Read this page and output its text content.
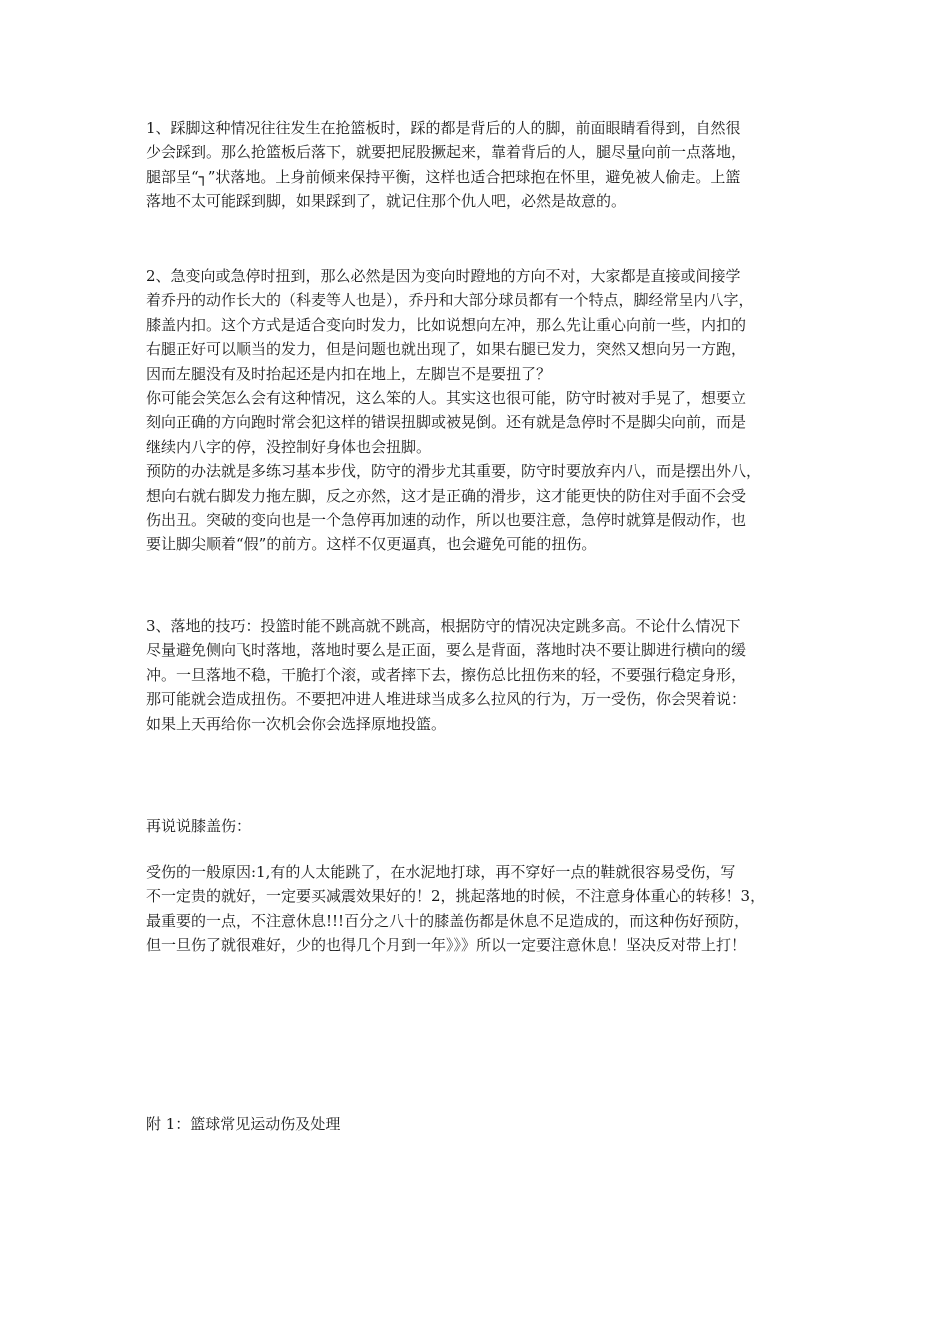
1、踩脚这种情况往往发生在抢篮板时，踩的都是背后的人的脚，前面眼睛看得到，自然很
少会踩到。那么抢篮板后落下，就要把屁股撅起来，靠着背后的人，腿尽量向前一点落地，
腿部呈“┐”状落地。上身前倾来保持平衡，这样也适合把球抱在怀里，避免被人偷走。上篮
落地不太可能踩到脚，如果踩到了，就记住那个仇人吧，必然是故意的。
2、急变向或急停时扭到，那么必然是因为变向时蹬地的方向不对，大家都是直接或间接学
着乔丹的动作长大的（科麦等人也是），乔丹和大部分球员都有一个特点，脚经常呈内八字，
膝盖内扣。这个方式是适合变向时发力，比如说想向左冲，那么先让重心向前一些，内扣的
右腿正好可以顺当的发力，但是问题也就出现了，如果右腿已发力，突然又想向另一方跑，
因而左腿没有及时抬起还是内扣在地上，左脚岂不是要扭了？
你可能会笑怎么会有这种情况，这么笨的人。其实这也很可能，防守时被对手晃了，想要立
刻向正确的方向跑时常会犯这样的错误扭脚或被晃倒。还有就是急停时不是脚尖向前，而是
继续内八字的停，没控制好身体也会扭脚。
预防的办法就是多练习基本步伐，防守的滑步尤其重要，防守时要放弃内八，而是摆出外八，
想向右就右脚发力拖左脚，反之亦然，这才是正确的滑步，这才能更快的防住对手面不会受
伤出丑。突破的变向也是一个急停再加速的动作，所以也要注意，急停时就算是假动作，也
要让脚尖顺着“假”的前方。这样不仅更逼真，也会避免可能的扭伤。
3、落地的技巧：投篮时能不跳高就不跳高，根据防守的情况决定跳多高。不论什么情况下
尽量避免侧向飞时落地，落地时要么是正面，要么是背面，落地时决不要让脚进行横向的缓
冲。一旦落地不稳，干脆打个滚，或者摔下去，擦伤总比扭伤来的轻，不要强行稳定身形，
那可能就会造成扭伤。不要把冲进人堆进球当成多么拉风的行为，万一受伤，你会哭着说：
如果上天再给你一次机会你会选择原地投篮。
再说说膝盖伤：
受伤的一般原因:1,有的人太能跳了，在水泥地打球，再不穿好一点的鞋就很容易受伤，写
不一定贵的就好，一定要买减震效果好的！2，挑起落地的时候，不注意身体重心的转移！3，
最重要的一点，不注意休息!!!百分之八十的膝盖伤都是休息不足造成的，而这种伤好预防，
但一旦伤了就很难好，少的也得几个月到一年》》》所以一定要注意休息！坚决反对带上打！
附 1：篮球常见运动伤及处理
